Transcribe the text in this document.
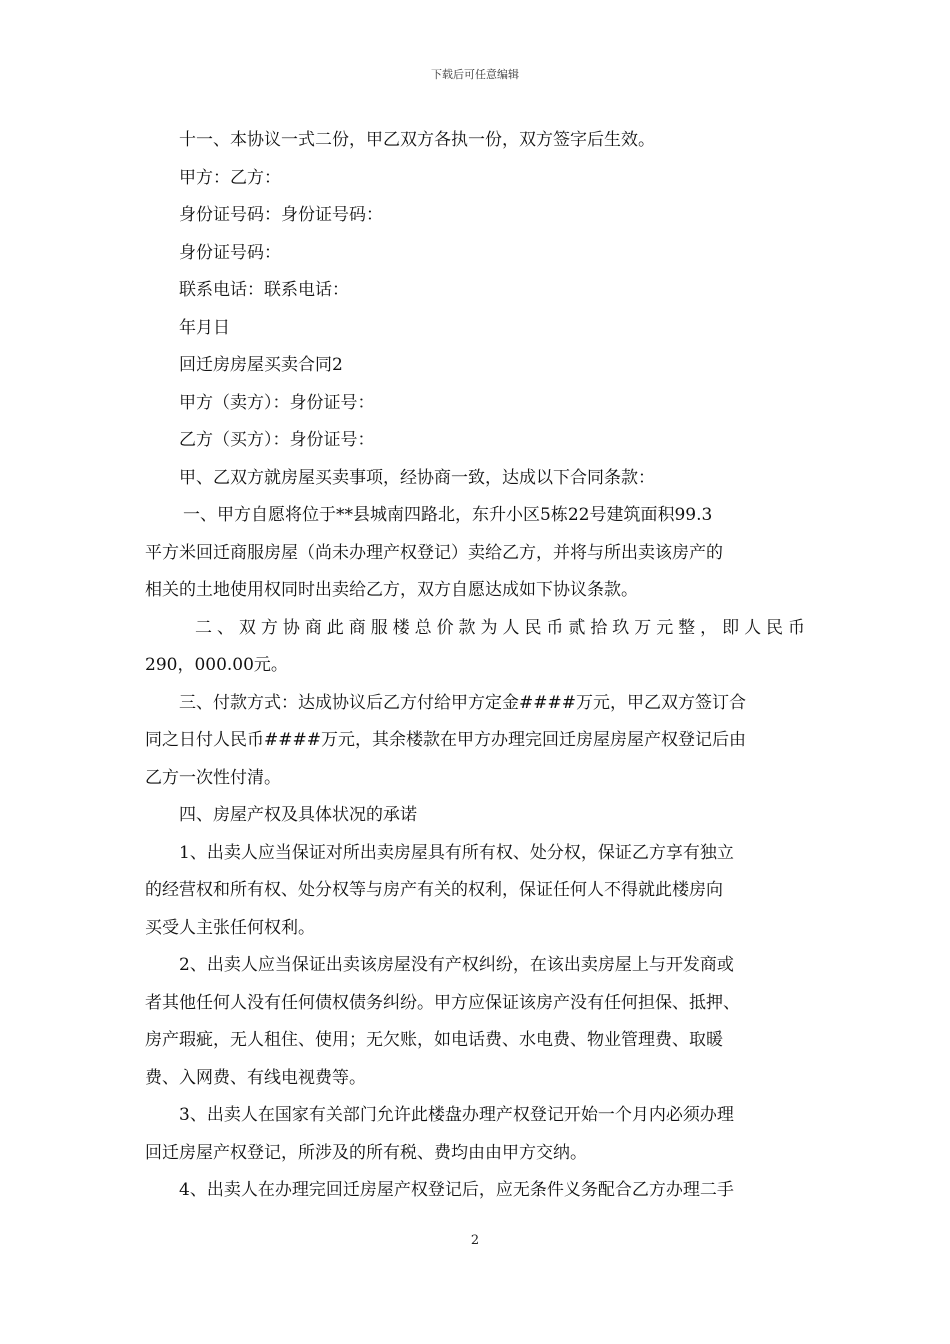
下载后可任意编辑

十一、本协议一式二份，甲乙双方各执一份，双方签字后生效。

甲方：乙方：

身份证号码：身份证号码：

身份证号码：

联系电话：联系电话：

年月日

回迁房房屋买卖合同2

甲方（卖方）：身份证号：

乙方（买方）：身份证号：

甲、乙双方就房屋买卖事项，经协商一致，达成以下合同条款：

一、甲方自愿将位于**县城南四路北，东升小区5栋22号建筑面积99.3

平方米回迁商服房屋（尚未办理产权登记）卖给乙方，并将与所出卖该房产的

相关的土地使用权同时出卖给乙方，双方自愿达成如下协议条款。

二、双方协商此商服楼总价款为人民币贰拾玖万元整，即人民币

290，000.00元。

三、付款方式：达成协议后乙方付给甲方定金####万元，甲乙双方签订合

同之日付人民币####万元，其余楼款在甲方办理完回迁房屋房屋产权登记后由

乙方一次性付清。

四、房屋产权及具体状况的承诺

1、出卖人应当保证对所出卖房屋具有所有权、处分权，保证乙方享有独立

的经营权和所有权、处分权等与房产有关的权利，保证任何人不得就此楼房向

买受人主张任何权利。

2、出卖人应当保证出卖该房屋没有产权纠纷，在该出卖房屋上与开发商或

者其他任何人没有任何债权债务纠纷。甲方应保证该房产没有任何担保、抵押、

房产瑕疵，无人租住、使用；无欠账，如电话费、水电费、物业管理费、取暖

费、入网费、有线电视费等。

3、出卖人在国家有关部门允许此楼盘办理产权登记开始一个月内必须办理

回迁房屋产权登记，所涉及的所有税、费均由由甲方交纳。

4、出卖人在办理完回迁房屋产权登记后，应无条件义务配合乙方办理二手

2
